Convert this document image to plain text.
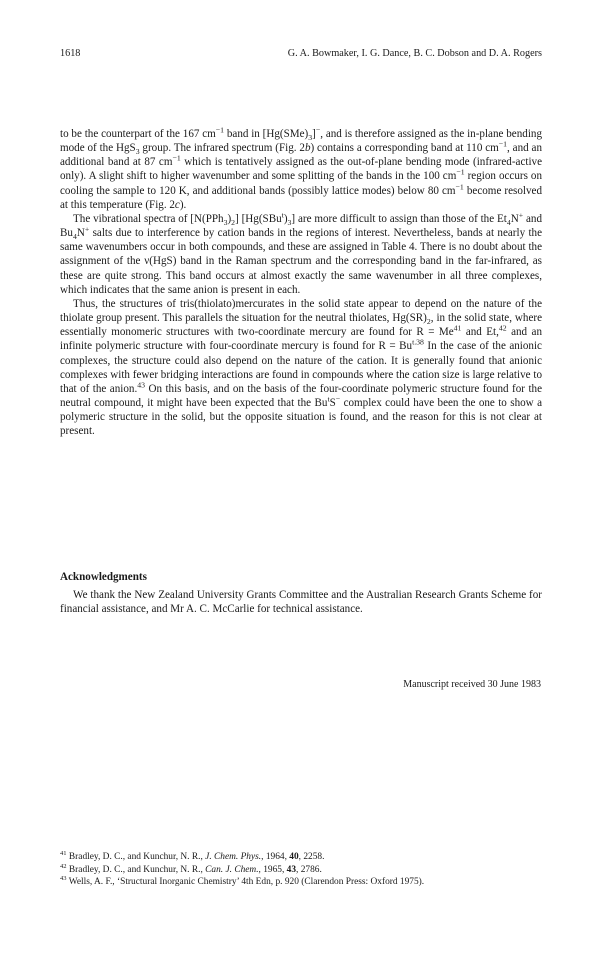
1618	G. A. Bowmaker, I. G. Dance, B. C. Dobson and D. A. Rogers

to be the counterpart of the 167 $cm^{-1}$ band in $[Hg(SMe)_3]^-$, and is therefore assigned as the in-plane bending mode of the HgS$_3$ group. The infrared spectrum (Fig. 2b) contains a corresponding band at 110 $cm^{-1}$, and an additional band at 87 $cm^{-1}$ which is tentatively assigned as the out-of-plane bending mode (infrared-active only). A slight shift to higher wavenumber and some splitting of the bands in the 100 $cm^{-1}$ region occurs on cooling the sample to 120 K, and additional bands (possibly lattice modes) below 80 $cm^{-1}$ become resolved at this temperature (Fig. 2c).

The vibrational spectra of $[N(PPh_3)_2]$ $[Hg(SBu^t)_3]$ are more difficult to assign than those of the $Et_4N^+$ and $Bu_4N^+$ salts due to interference by cation bands in the regions of interest. Nevertheless, bands at nearly the same wavenumbers occur in both compounds, and these are assigned in Table 4. There is no doubt about the assignment of the ν(HgS) band in the Raman spectrum and the corresponding band in the far-infrared, as these are quite strong. This band occurs at almost exactly the same wavenumber in all three complexes, which indicates that the same anion is present in each.

Thus, the structures of tris(thiolato)mercurates in the solid state appear to depend on the nature of the thiolate group present. This parallels the situation for the neutral thiolates, $Hg(SR)_2$, in the solid state, where essentially monomeric structures with two-coordinate mercury are found for $R = Me^{41}$ and Et,$^{42}$ and an infinite polymeric structure with four-coordinate mercury is found for $R = Bu^{t.38}$ In the case of the anionic complexes, the structure could also depend on the nature of the cation. It is generally found that anionic complexes with fewer bridging interactions are found in compounds where the cation size is large relative to that of the anion.$^{43}$ On this basis, and on the basis of the four-coordinate polymeric structure found for the neutral compound, it might have been expected that the Bu$^t$S− complex could have been the one to show a polymeric structure in the solid, but the opposite situation is found, and the reason for this is not clear at present.

Acknowledgments
We thank the New Zealand University Grants Committee and the Australian Research Grants Scheme for financial assistance, and Mr A. C. McCarlie for technical assistance.
Manuscript received 30 June 1983
$^{41}$ Bradley, D. C., and Kunchur, N. R., J. Chem. Phys., 1964, 40, 2258.
$^{42}$ Bradley, D. C., and Kunchur, N. R., Can. J. Chem., 1965, 43, 2786.
$^{43}$ Wells, A. F., ‘Structural Inorganic Chemistry’ 4th Edn, p. 920 (Clarendon Press: Oxford 1975).
